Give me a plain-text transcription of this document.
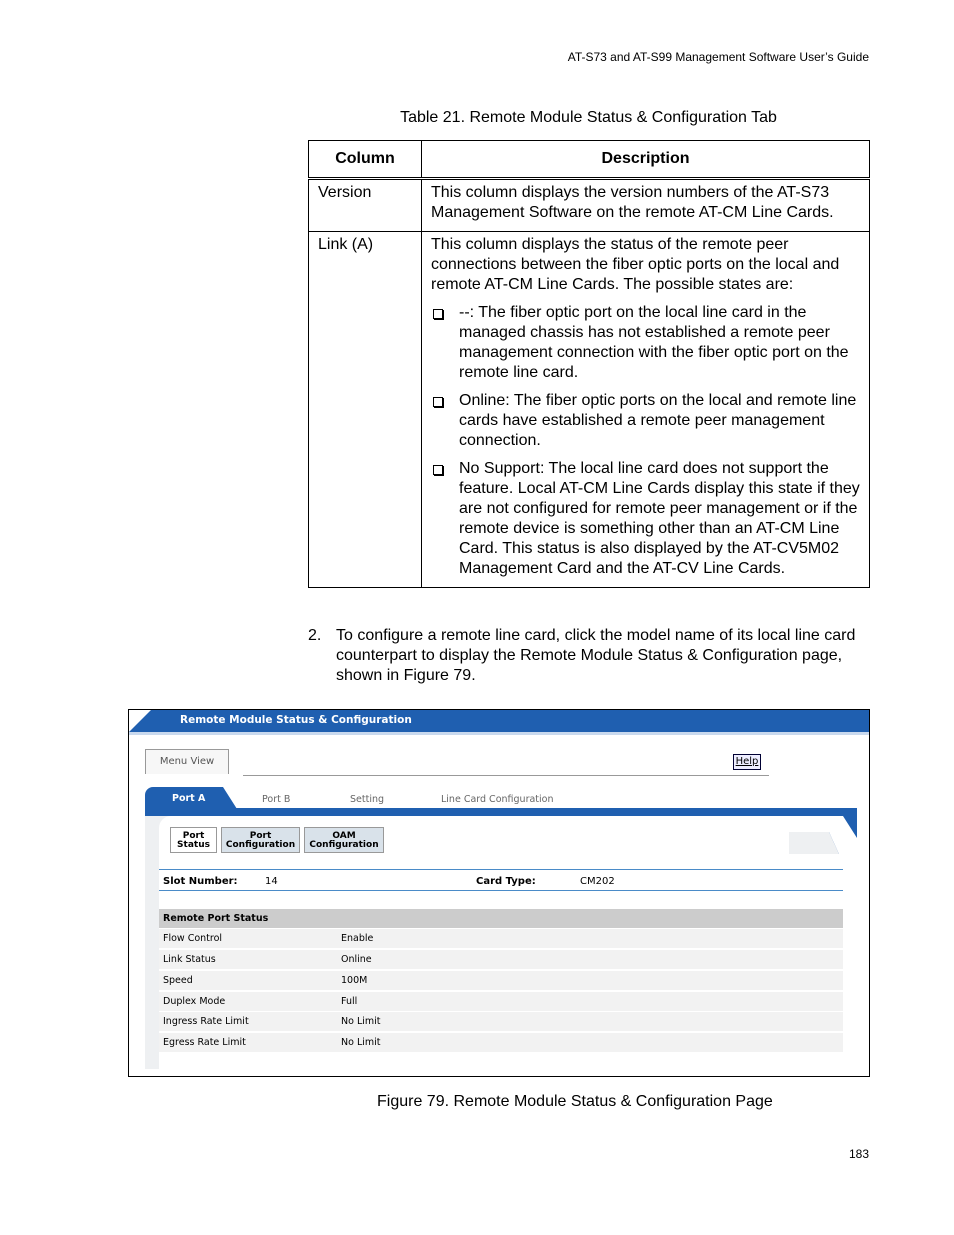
AT-S73 and AT-S99 Management Software User’s Guide
Table 21. Remote Module Status & Configuration Tab
Column	Description

Version	This column displays the version numbers of the AT-S73 Management Software on the remote AT-CM Line Cards.

Link (A)	This column displays the status of the remote peer connections between the fiber optic ports on the local and remote AT-CM Line Cards. The possible states are:
--: The fiber optic port on the local line card in the managed chassis has not established a remote peer management connection with the fiber optic port on the remote line card.
Online: The fiber optic ports on the local and remote line cards have established a remote peer management connection.
No Support: The local line card does not support the feature. Local AT-CM Line Cards display this state if they are not configured for remote peer management or if the remote device is something other than an AT-CM Line Card. This status is also displayed by the AT-CV5M02 Management Card and the AT-CV Line Cards.
2. To configure a remote line card, click the model name of its local line card counterpart to display the Remote Module Status & Configuration page, shown in Figure 79.
Remote Module Status & Configuration
Menu View	Help
Port A	Port B	Setting	Line Card Configuration
Port
Status
Port
Configuration
OAM
Configuration
Slot Number:	14	Card Type:	CM202
Remote Port Status
Flow Control	Enable
Link Status	Online
Speed	100M
Duplex Mode	Full
Ingress Rate Limit	No Limit
Egress Rate Limit	No Limit
Figure 79. Remote Module Status & Configuration Page
183
